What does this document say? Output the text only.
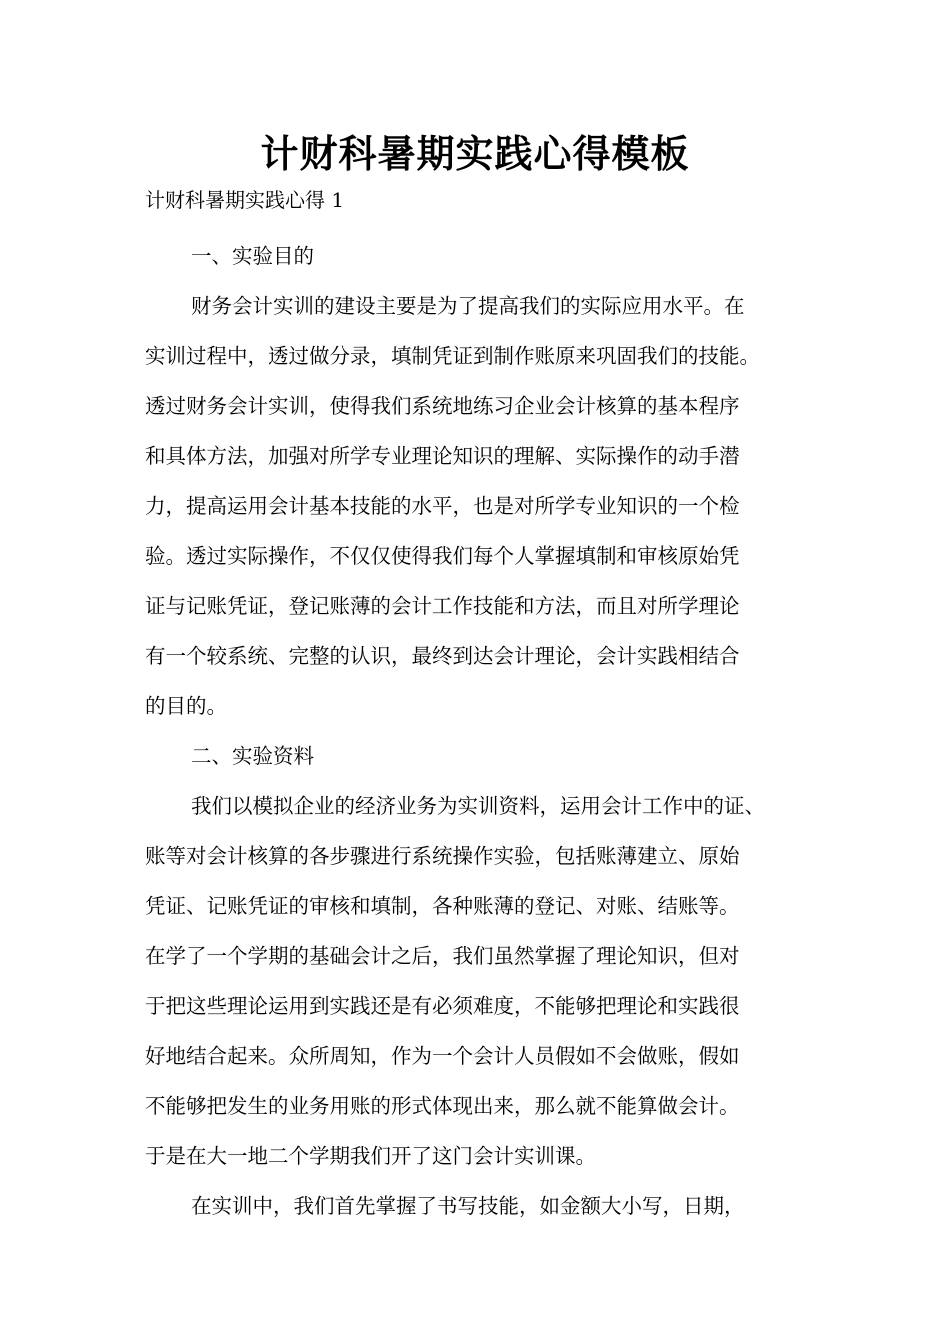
计财科暑期实践心得模板
计财科暑期实践心得 1
一、实验目的
财务会计实训的建设主要是为了提高我们的实际应用水平。在
实训过程中，透过做分录，填制凭证到制作账原来巩固我们的技能。
透过财务会计实训，使得我们系统地练习企业会计核算的基本程序
和具体方法，加强对所学专业理论知识的理解、实际操作的动手潜
力，提高运用会计基本技能的水平，也是对所学专业知识的一个检
验。透过实际操作，不仅仅使得我们每个人掌握填制和审核原始凭
证与记账凭证，登记账薄的会计工作技能和方法，而且对所学理论
有一个较系统、完整的认识，最终到达会计理论，会计实践相结合
的目的。
二、实验资料
我们以模拟企业的经济业务为实训资料，运用会计工作中的证、
账等对会计核算的各步骤进行系统操作实验，包括账薄建立、原始
凭证、记账凭证的审核和填制，各种账薄的登记、对账、结账等。
在学了一个学期的基础会计之后，我们虽然掌握了理论知识，但对
于把这些理论运用到实践还是有必须难度，不能够把理论和实践很
好地结合起来。众所周知，作为一个会计人员假如不会做账，假如
不能够把发生的业务用账的形式体现出来，那么就不能算做会计。
于是在大一地二个学期我们开了这门会计实训课。
在实训中，我们首先掌握了书写技能，如金额大小写，日期，
